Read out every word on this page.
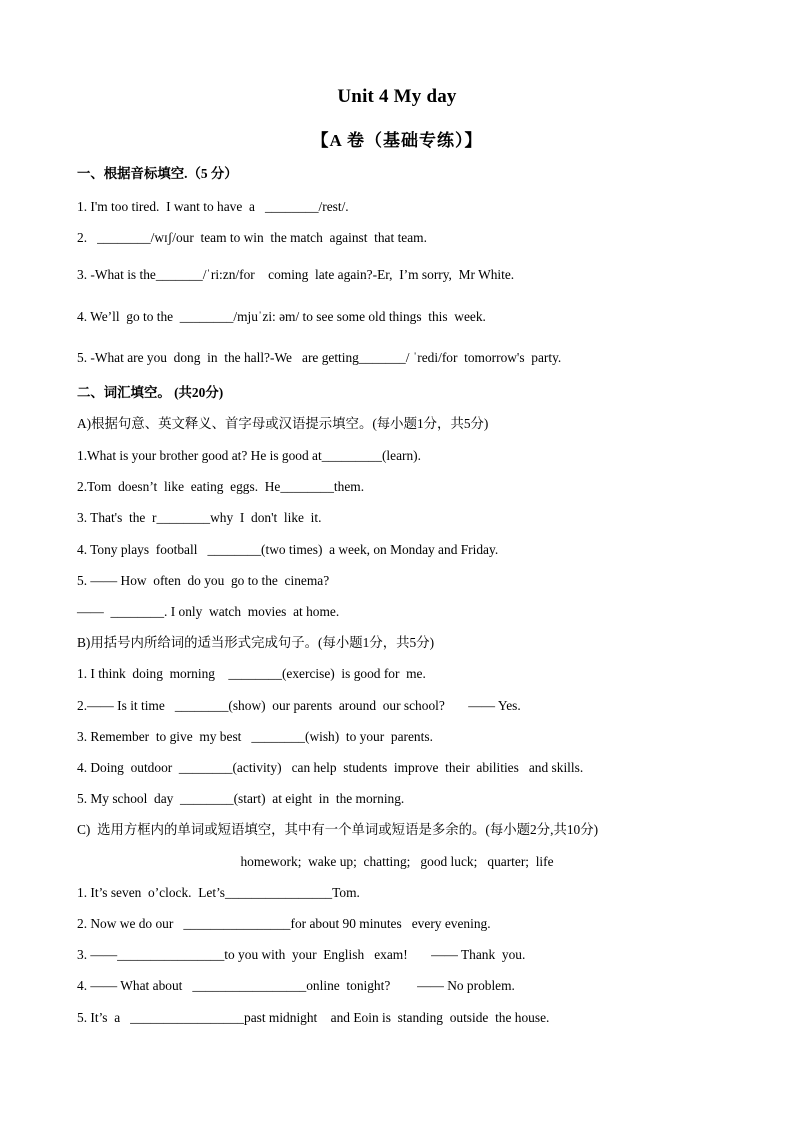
Unit 4 My day
【A 卷（基础专练）】
一、根据音标填空.（5 分）
1. I'm too tired.  I want to have  a   ________/rest/.
2.   ________/wɪʃ/our  team to win  the match  against  that team.
3. -What is the_______/ˈri:zn/for    coming  late again?-Er,  I’m sorry,  Mr White.
4. We’ll  go to the  ________/mjuˈzi: əm/ to see some old things  this  week.
5. -What are you  dong  in  the hall?-We   are getting_______/ ˈredi/for  tomorrow's  party.
二、词汇填空。 (共20分)
A)根据句意、英文释义、首字母或汉语提示填空。(每小题1分，共5分)
1.What is your brother good at? He is good at_________(learn).
2.Tom  doesn’t  like  eating  eggs.  He________them.
3. That's  the  r________why  I  don't  like  it.
4. Tony plays  football   ________(two times)  a week, on Monday and Friday.
5. —— How  often  do you  go to the  cinema?
——  ________. I only  watch  movies  at home.
B)用括号内所给词的适当形式完成句子。(每小题1分，共5分)
1. I think  doing  morning    ________(exercise)  is good for  me.
2.—— Is it time   ________(show)  our parents  around  our school?       —— Yes.
3. Remember  to give  my best   ________(wish)  to your  parents.
4. Doing  outdoor  ________(activity)   can help  students  improve  their  abilities   and skills.
5. My school  day  ________(start)  at eight  in  the morning.
C)  选用方框内的单词或短语填空，其中有一个单词或短语是多余的。(每小题2分,共10分)
homework;  wake up;  chatting;   good luck;   quarter;  life
1. It’s seven  o’clock.  Let’s________________Tom.
2. Now we do our   ________________for about 90 minutes   every evening.
3. ——________________to you with  your  English   exam!       —— Thank  you.
4. —— What about   _________________online  tonight?        —— No problem.
5. It’s  a   _________________past midnight    and Eoin is  standing  outside  the house.
